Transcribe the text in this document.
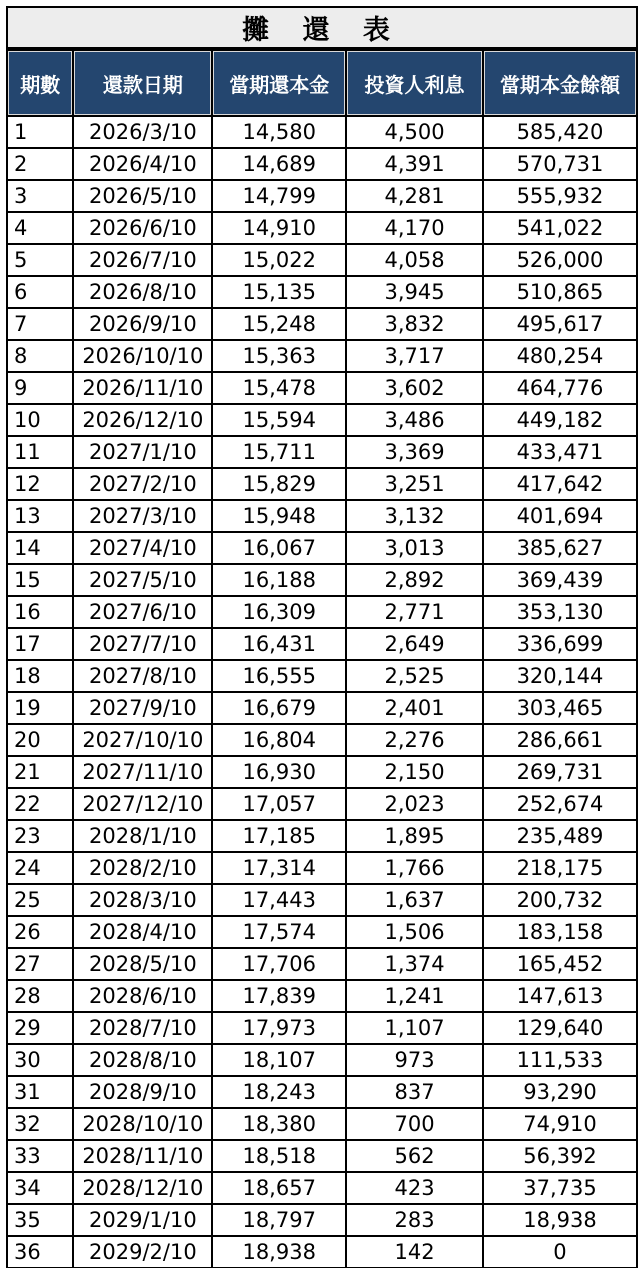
攤 還 表
期數	還款日期	當期還本金	投資人利息	當期本金餘額
1	2026/3/10	14,580	4,500	585,420
2	2026/4/10	14,689	4,391	570,731
3	2026/5/10	14,799	4,281	555,932
4	2026/6/10	14,910	4,170	541,022
5	2026/7/10	15,022	4,058	526,000
6	2026/8/10	15,135	3,945	510,865
7	2026/9/10	15,248	3,832	495,617
8	2026/10/10	15,363	3,717	480,254
9	2026/11/10	15,478	3,602	464,776
10	2026/12/10	15,594	3,486	449,182
11	2027/1/10	15,711	3,369	433,471
12	2027/2/10	15,829	3,251	417,642
13	2027/3/10	15,948	3,132	401,694
14	2027/4/10	16,067	3,013	385,627
15	2027/5/10	16,188	2,892	369,439
16	2027/6/10	16,309	2,771	353,130
17	2027/7/10	16,431	2,649	336,699
18	2027/8/10	16,555	2,525	320,144
19	2027/9/10	16,679	2,401	303,465
20	2027/10/10	16,804	2,276	286,661
21	2027/11/10	16,930	2,150	269,731
22	2027/12/10	17,057	2,023	252,674
23	2028/1/10	17,185	1,895	235,489
24	2028/2/10	17,314	1,766	218,175
25	2028/3/10	17,443	1,637	200,732
26	2028/4/10	17,574	1,506	183,158
27	2028/5/10	17,706	1,374	165,452
28	2028/6/10	17,839	1,241	147,613
29	2028/7/10	17,973	1,107	129,640
30	2028/8/10	18,107	973	111,533
31	2028/9/10	18,243	837	93,290
32	2028/10/10	18,380	700	74,910
33	2028/11/10	18,518	562	56,392
34	2028/12/10	18,657	423	37,735
35	2029/1/10	18,797	283	18,938
36	2029/2/10	18,938	142	0
